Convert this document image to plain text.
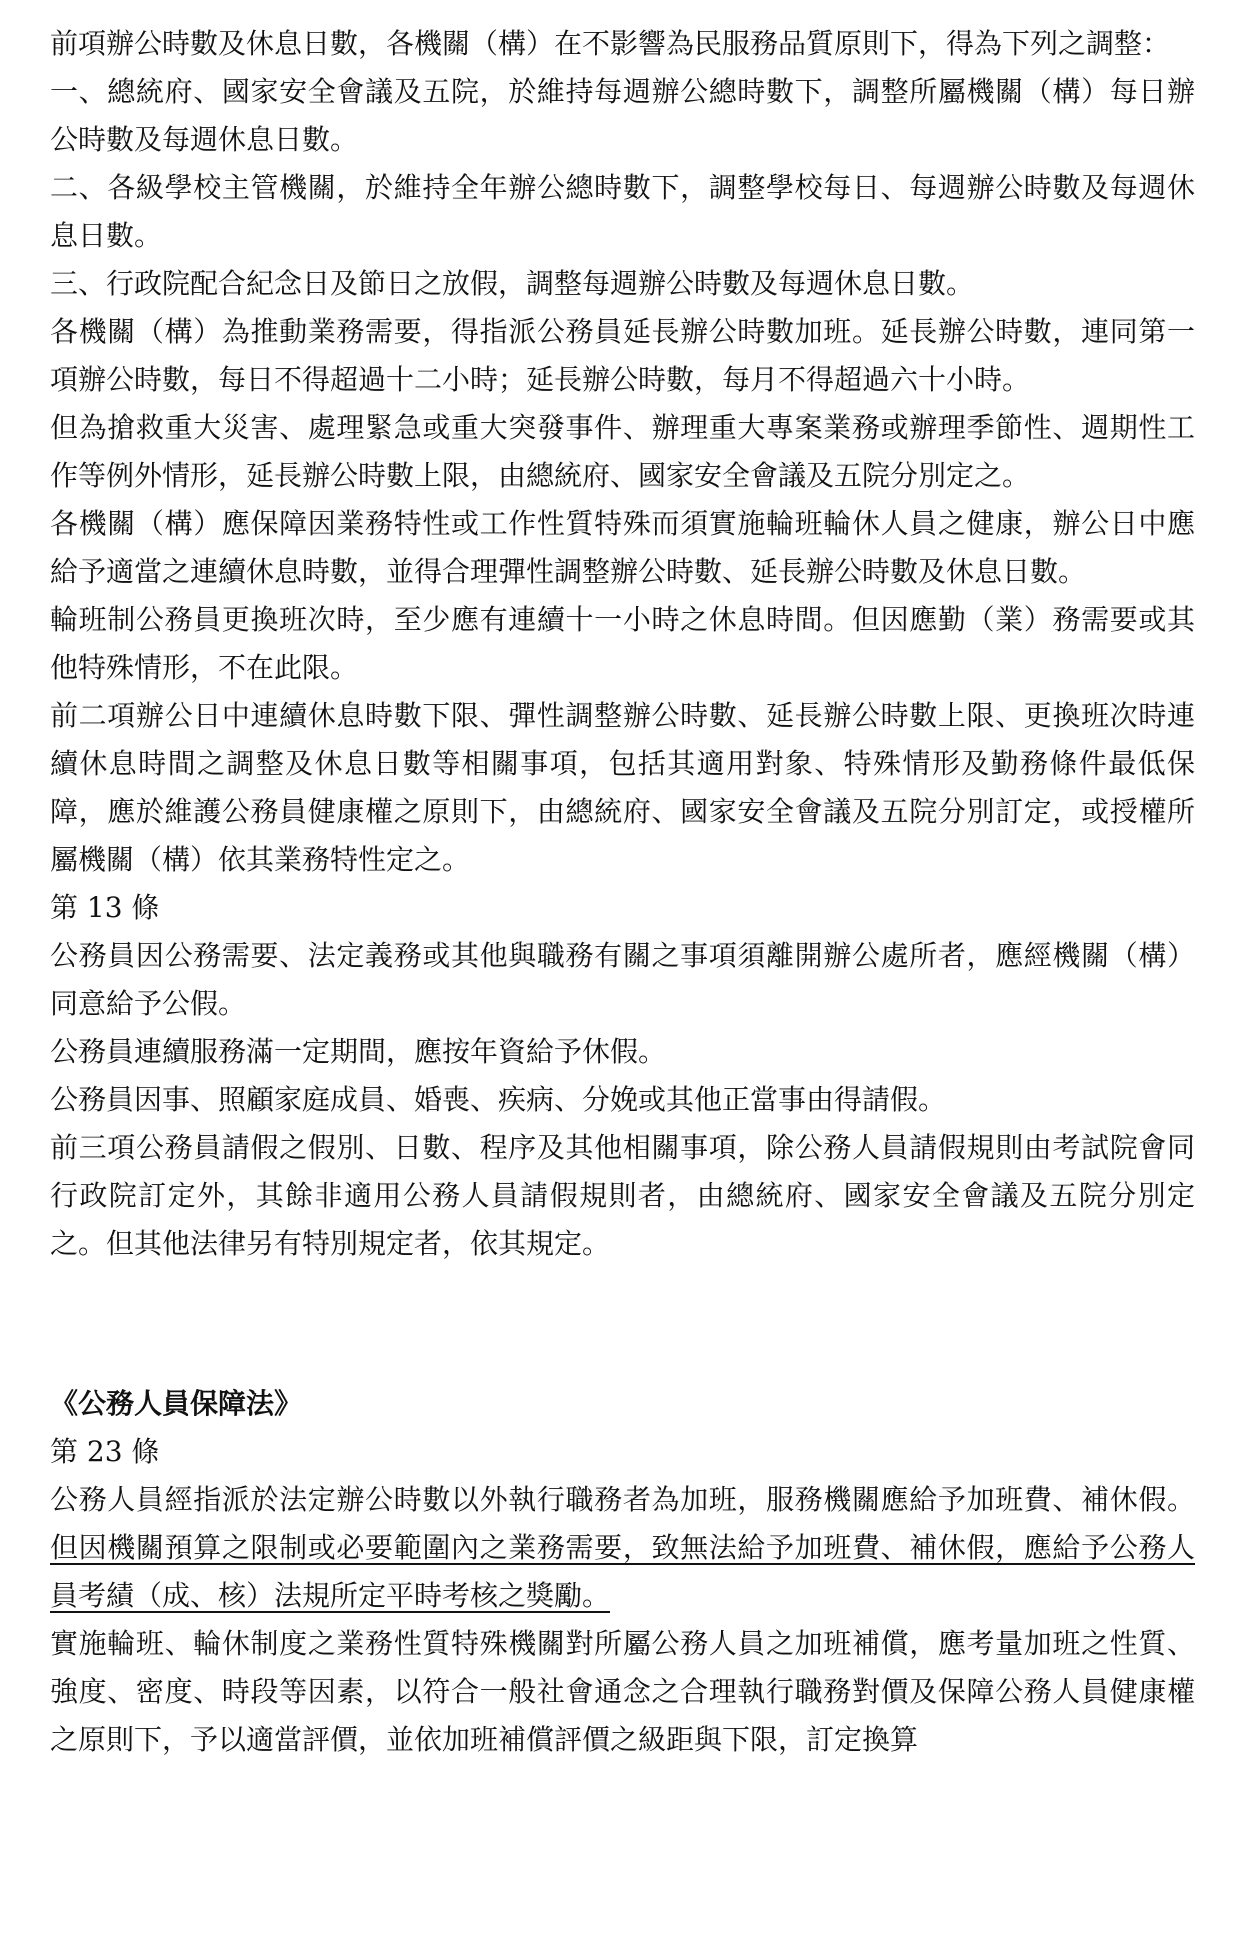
前項辦公時數及休息日數，各機關（構）在不影響為民服務品質原則下，得為下列之調整：

一、總統府、國家安全會議及五院，於維持每週辦公總時數下，調整所屬機關（構）每日辦公時數及每週休息日數。

二、各級學校主管機關，於維持全年辦公總時數下，調整學校每日、每週辦公時數及每週休息日數。

三、行政院配合紀念日及節日之放假，調整每週辦公時數及每週休息日數。

各機關（構）為推動業務需要，得指派公務員延長辦公時數加班。延長辦公時數，連同第一項辦公時數，每日不得超過十二小時；延長辦公時數，每月不得超過六十小時。

但為搶救重大災害、處理緊急或重大突發事件、辦理重大專案業務或辦理季節性、週期性工作等例外情形，延長辦公時數上限，由總統府、國家安全會議及五院分別定之。

各機關（構）應保障因業務特性或工作性質特殊而須實施輪班輪休人員之健康，辦公日中應給予適當之連續休息時數，並得合理彈性調整辦公時數、延長辦公時數及休息日數。

輪班制公務員更換班次時，至少應有連續十一小時之休息時間。但因應勤（業）務需要或其他特殊情形，不在此限。

前二項辦公日中連續休息時數下限、彈性調整辦公時數、延長辦公時數上限、更換班次時連續休息時間之調整及休息日數等相關事項，包括其適用對象、特殊情形及勤務條件最低保障，應於維護公務員健康權之原則下，由總統府、國家安全會議及五院分別訂定，或授權所屬機關（構）依其業務特性定之。

第 13 條

公務員因公務需要、法定義務或其他與職務有關之事項須離開辦公處所者，應經機關（構）同意給予公假。

公務員連續服務滿一定期間，應按年資給予休假。

公務員因事、照顧家庭成員、婚喪、疾病、分娩或其他正當事由得請假。

前三項公務員請假之假別、日數、程序及其他相關事項，除公務人員請假規則由考試院會同行政院訂定外，其餘非適用公務人員請假規則者，由總統府、國家安全會議及五院分別定之。但其他法律另有特別規定者，依其規定。

《公務人員保障法》

第 23 條

公務人員經指派於法定辦公時數以外執行職務者為加班，服務機關應給予加班費、補休假。但因機關預算之限制或必要範圍內之業務需要，致無法給予加班費、補休假，應給予公務人員考績（成、核）法規所定平時考核之獎勵。

實施輪班、輪休制度之業務性質特殊機關對所屬公務人員之加班補償，應考量加班之性質、強度、密度、時段等因素，以符合一般社會通念之合理執行職務對價及保障公務人員健康權之原則下，予以適當評價，並依加班補償評價之級距與下限，訂定換算
